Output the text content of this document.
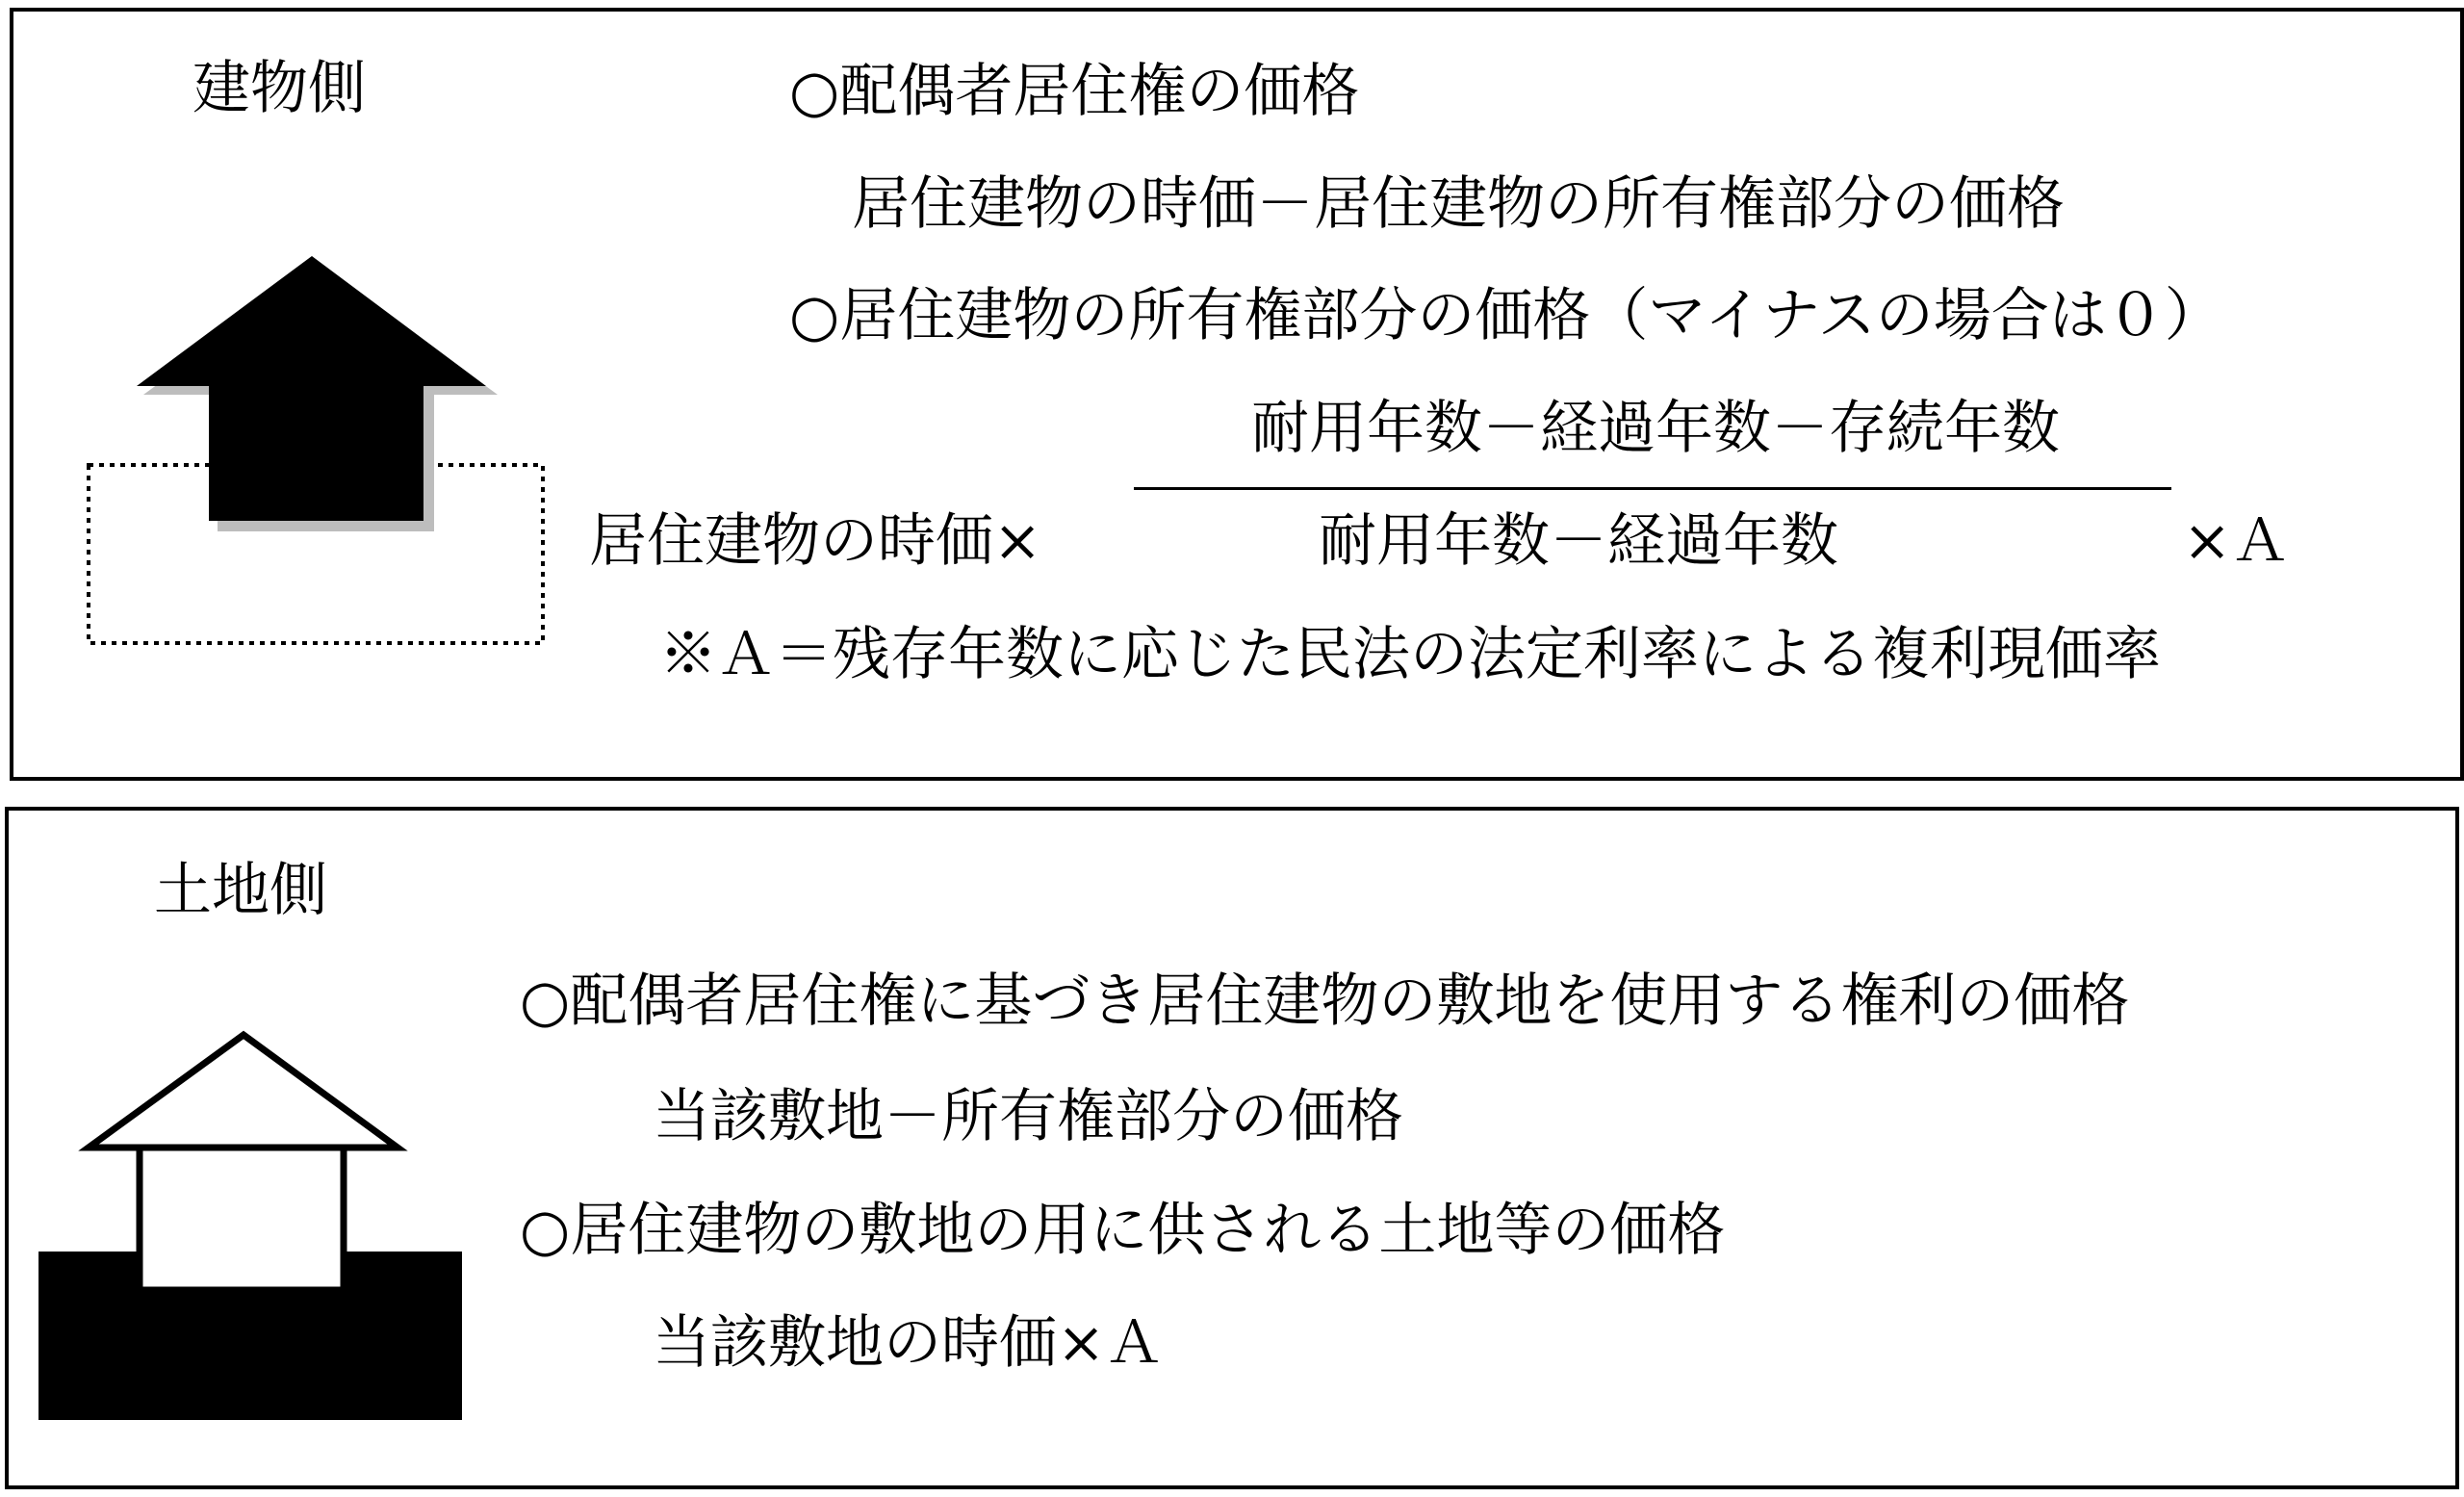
建物側	○配偶者居住権の価格
居住建物の時価－居住建物の所有権部分の価格
○居住建物の所有権部分の価格（マイナスの場合は０）
耐用年数－経過年数－存続年数
居住建物の時価×	耐用年数－経過年数	×Ａ
※Ａ＝残存年数に応じた民法の法定利率による複利現価率
土地側
○配偶者居住権に基づき居住建物の敷地を使用する権利の価格
当該敷地－所有権部分の価格
○居住建物の敷地の用に供される土地等の価格
当該敷地の時価×Ａ
